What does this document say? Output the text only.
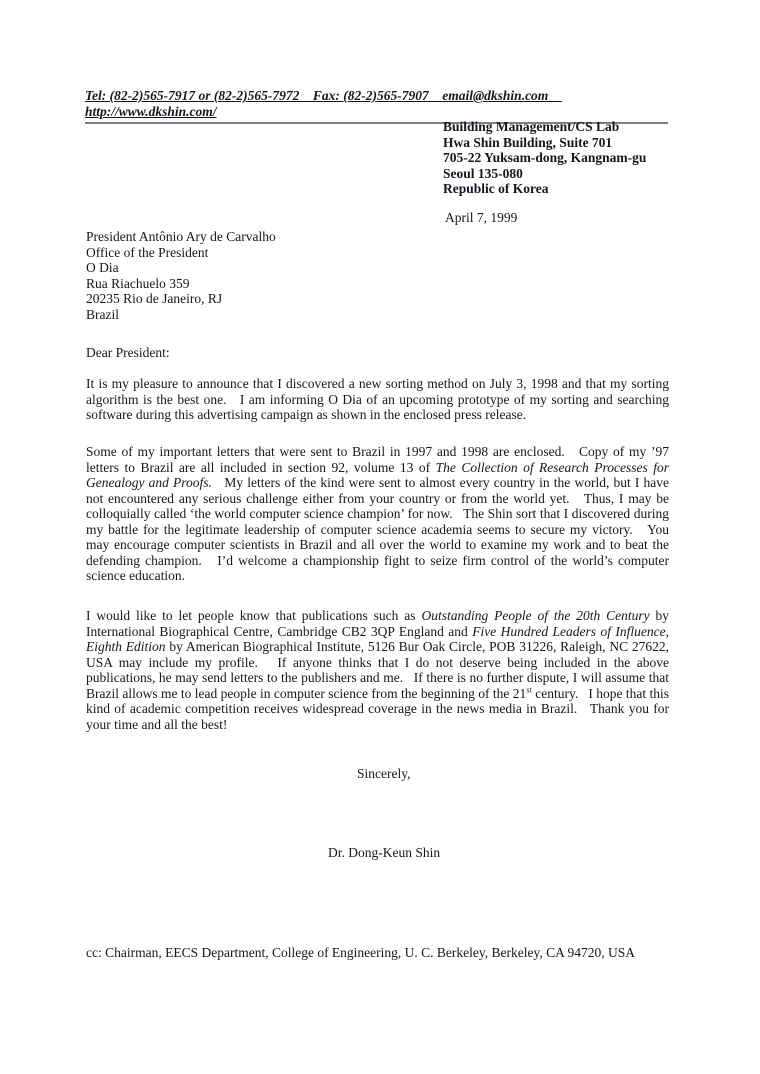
Tel: (82-2)565-7917 or (82-2)565-7972    Fax: (82-2)565-7907    email@dkshin.com    http://www.dkshin.com/
Building Management/CS Lab
Hwa Shin Building, Suite 701
705-22 Yuksam-dong, Kangnam-gu
Seoul 135-080
Republic of Korea
April 7, 1999
President Antônio Ary de Carvalho
Office of the President
O Dia
Rua Riachuelo 359
20235 Rio de Janeiro, RJ
Brazil
Dear President:
It is my pleasure to announce that I discovered a new sorting method on July 3, 1998 and that my sorting algorithm is the best one.   I am informing O Dia of an upcoming prototype of my sorting and searching software during this advertising campaign as shown in the enclosed press release.
Some of my important letters that were sent to Brazil in 1997 and 1998 are enclosed.   Copy of my ’97 letters to Brazil are all included in section 92, volume 13 of The Collection of Research Processes for Genealogy and Proofs.   My letters of the kind were sent to almost every country in the world, but I have not encountered any serious challenge either from your country or from the world yet.   Thus, I may be colloquially called ‘the world computer science champion’ for now.   The Shin sort that I discovered during my battle for the legitimate leadership of computer science academia seems to secure my victory.   You may encourage computer scientists in Brazil and all over the world to examine my work and to beat the defending champion.   I’d welcome a championship fight to seize firm control of the world’s computer science education.
I would like to let people know that publications such as Outstanding People of the 20th Century by International Biographical Centre, Cambridge CB2 3QP England and Five Hundred Leaders of Influence, Eighth Edition by American Biographical Institute, 5126 Bur Oak Circle, POB 31226, Raleigh, NC 27622, USA may include my profile.   If anyone thinks that I do not deserve being included in the above publications, he may send letters to the publishers and me.   If there is no further dispute, I will assume that Brazil allows me to lead people in computer science from the beginning of the 21st century.   I hope that this kind of academic competition receives widespread coverage in the news media in Brazil.   Thank you for your time and all the best!
Sincerely,
Dr. Dong-Keun Shin
cc: Chairman, EECS Department, College of Engineering, U. C. Berkeley, Berkeley, CA 94720, USA
